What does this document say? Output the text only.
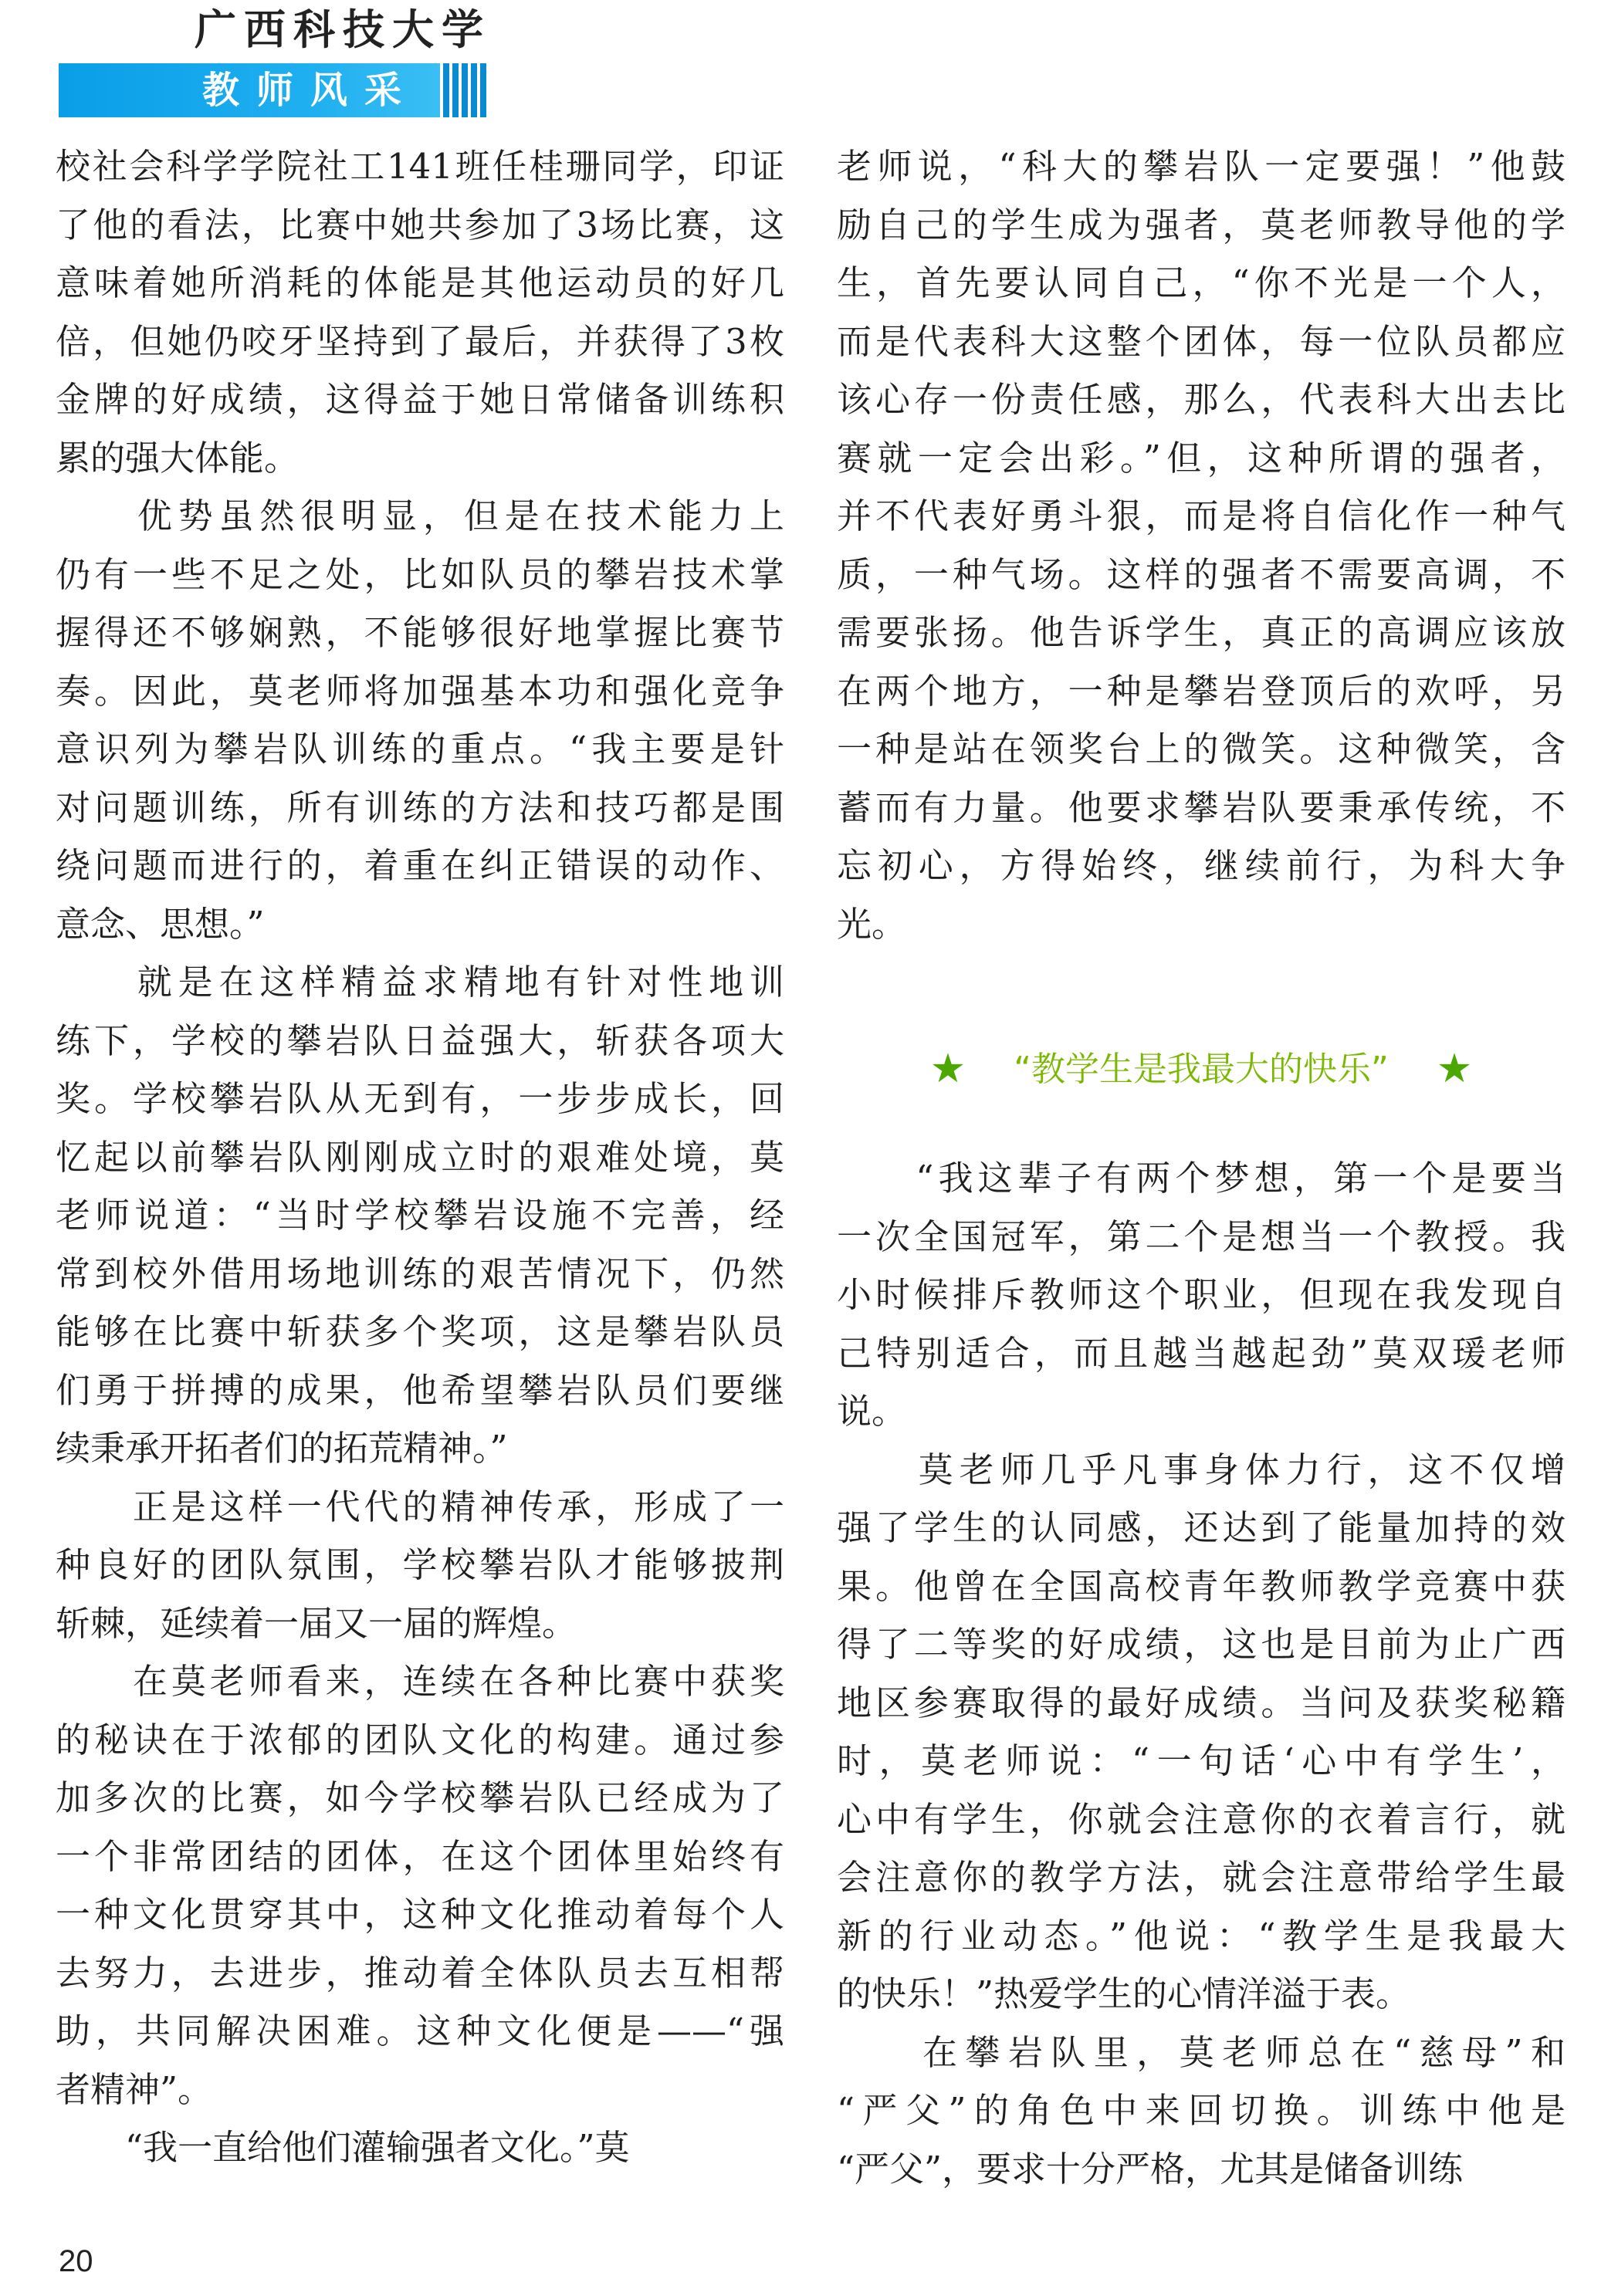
广西科技大学
教师风采
校社会科学学院社工141班任桂珊同学，印证
了他的看法，比赛中她共参加了3场比赛，这
意味着她所消耗的体能是其他运动员的好几
倍，但她仍咬牙坚持到了最后，并获得了3枚
金牌的好成绩，这得益于她日常储备训练积
累的强大体能。
　　优势虽然很明显，但是在技术能力上
仍有一些不足之处，比如队员的攀岩技术掌
握得还不够娴熟，不能够很好地掌握比赛节
奏。因此，莫老师将加强基本功和强化竞争
意识列为攀岩队训练的重点。“我主要是针
对问题训练，所有训练的方法和技巧都是围
绕问题而进行的，着重在纠正错误的动作、
意念、思想。”
　　就是在这样精益求精地有针对性地训
练下，学校的攀岩队日益强大，斩获各项大
奖。学校攀岩队从无到有，一步步成长，回
忆起以前攀岩队刚刚成立时的艰难处境，莫
老师说道：“当时学校攀岩设施不完善，经
常到校外借用场地训练的艰苦情况下，仍然
能够在比赛中斩获多个奖项，这是攀岩队员
们勇于拼搏的成果，他希望攀岩队员们要继
续秉承开拓者们的拓荒精神。”
　　正是这样一代代的精神传承，形成了一
种良好的团队氛围，学校攀岩队才能够披荆
斩棘，延续着一届又一届的辉煌。
　　在莫老师看来，连续在各种比赛中获奖
的秘诀在于浓郁的团队文化的构建。通过参
加多次的比赛，如今学校攀岩队已经成为了
一个非常团结的团体，在这个团体里始终有
一种文化贯穿其中，这种文化推动着每个人
去努力，去进步，推动着全体队员去互相帮
助，共同解决困难。这种文化便是——“强
者精神”。
　　“我一直给他们灌输强者文化。”莫
老师说，“科大的攀岩队一定要强！”他鼓
励自己的学生成为强者，莫老师教导他的学
生，首先要认同自己，“你不光是一个人，
而是代表科大这整个团体，每一位队员都应
该心存一份责任感，那么，代表科大出去比
赛就一定会出彩。”但，这种所谓的强者，
并不代表好勇斗狠，而是将自信化作一种气
质，一种气场。这样的强者不需要高调，不
需要张扬。他告诉学生，真正的高调应该放
在两个地方，一种是攀岩登顶后的欢呼，另
一种是站在领奖台上的微笑。这种微笑，含
蓄而有力量。他要求攀岩队要秉承传统，不
忘初心，方得始终，继续前行，为科大争
光。
★ “教学生是我最大的快乐” ★
　　“我这辈子有两个梦想，第一个是要当
一次全国冠军，第二个是想当一个教授。我
小时候排斥教师这个职业，但现在我发现自
己特别适合，而且越当越起劲”莫双瑗老师
说。
　　莫老师几乎凡事身体力行，这不仅增
强了学生的认同感，还达到了能量加持的效
果。他曾在全国高校青年教师教学竞赛中获
得了二等奖的好成绩，这也是目前为止广西
地区参赛取得的最好成绩。当问及获奖秘籍
时，莫老师说：“一句话‘心中有学生’，
心中有学生，你就会注意你的衣着言行，就
会注意你的教学方法，就会注意带给学生最
新的行业动态。”他说：“教学生是我最大
的快乐！”热爱学生的心情洋溢于表。
　　在攀岩队里，莫老师总在“慈母”和
“严父”的角色中来回切换。训练中他是
“严父”，要求十分严格，尤其是储备训练
20
